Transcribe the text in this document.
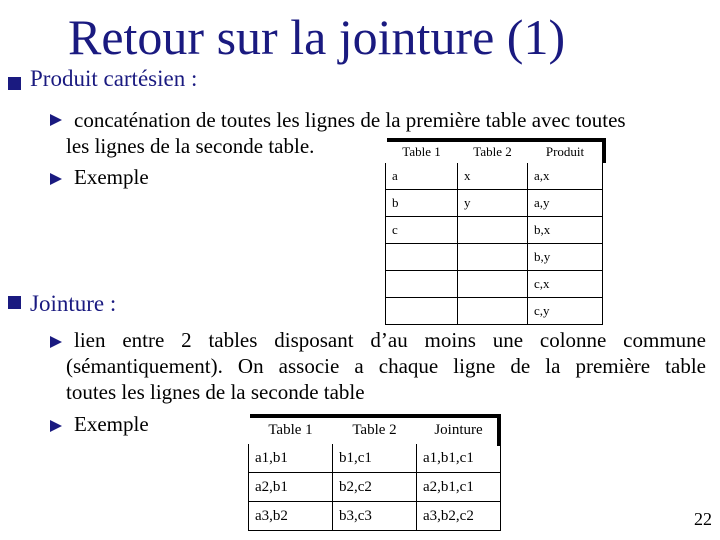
Retour sur la jointure (1)
Produit cartésien :
concaténation de toutes les lignes de la première table avec toutes
les lignes de la seconde table.
Exemple
Table 1	Table 2	Produit
a	x	a,x
b	y	a,y
c		b,x
		b,y
		c,x
		c,y
Jointure :
lien entre 2 tables disposant d’au moins une colonne commune
(sémantiquement). On associe a chaque ligne de la première table
toutes les lignes de la seconde table
Exemple	Table 1	Table 2	Jointure
a1,b1	b1,c1	a1,b1,c1
a2,b1	b2,c2	a2,b1,c1
a3,b2	b3,c3	a3,b2,c2	22
